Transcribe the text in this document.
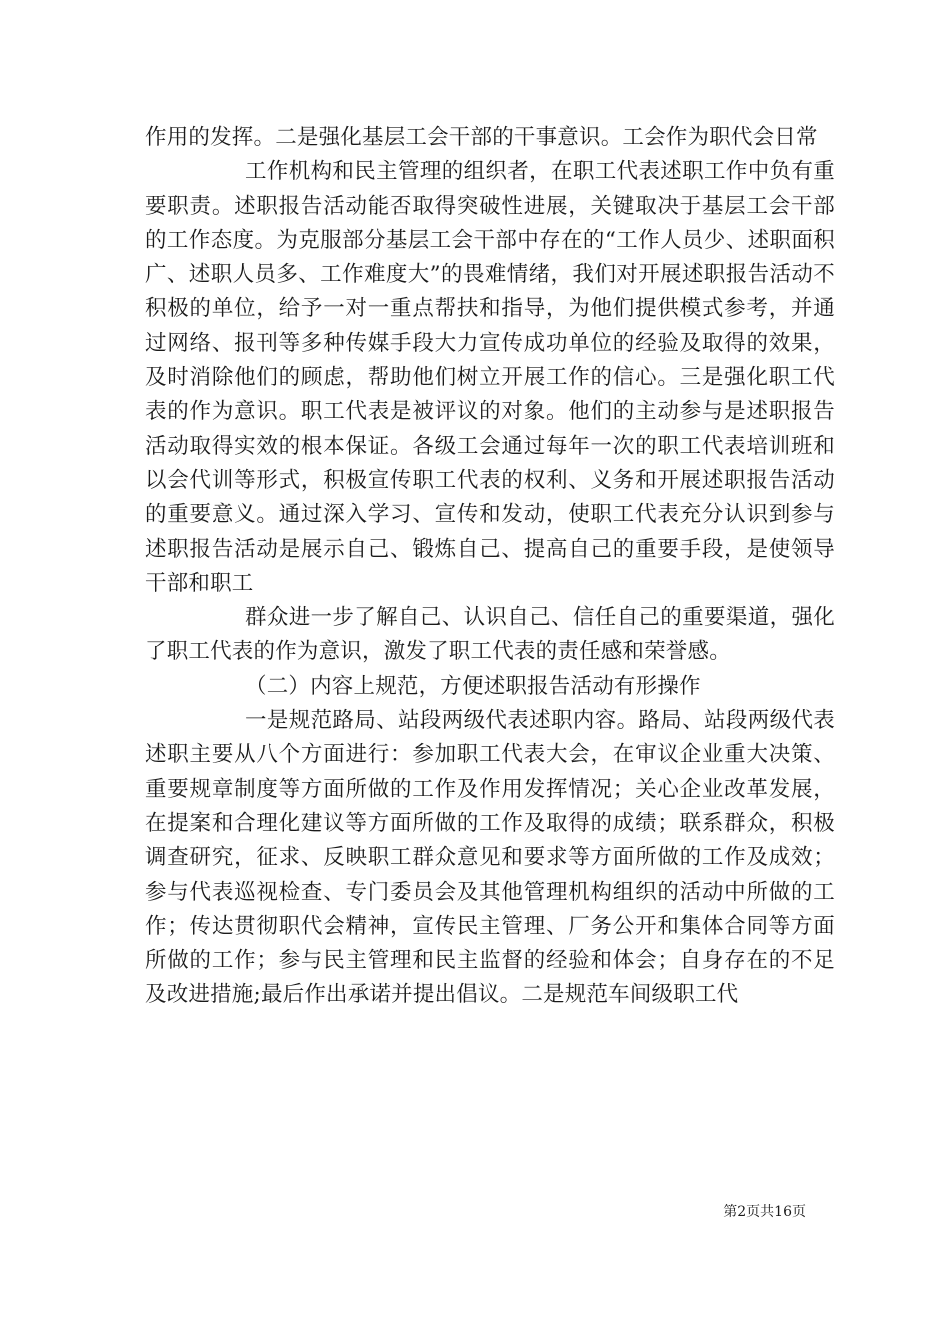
作用的发挥。二是强化基层工会干部的干事意识。工会作为职代会日常

工作机构和民主管理的组织者，在职工代表述职工作中负有重要职责。述职报告活动能否取得突破性进展，关键取决于基层工会干部的工作态度。为克服部分基层工会干部中存在的“工作人员少、述职面积广、述职人员多、工作难度大”的畏难情绪，我们对开展述职报告活动不积极的单位，给予一对一重点帮扶和指导，为他们提供模式参考，并通过网络、报刊等多种传媒手段大力宣传成功单位的经验及取得的效果，及时消除他们的顾虑，帮助他们树立开展工作的信心。三是强化职工代表的作为意识。职工代表是被评议的对象。他们的主动参与是述职报告活动取得实效的根本保证。各级工会通过每年一次的职工代表培训班和以会代训等形式，积极宣传职工代表的权利、义务和开展述职报告活动的重要意义。通过深入学习、宣传和发动，使职工代表充分认识到参与述职报告活动是展示自己、锻炼自己、提高自己的重要手段，是使领导干部和职工

群众进一步了解自己、认识自己、信任自己的重要渠道，强化了职工代表的作为意识，激发了职工代表的责任感和荣誉感。

（二）内容上规范，方便述职报告活动有形操作

一是规范路局、站段两级代表述职内容。路局、站段两级代表述职主要从八个方面进行：参加职工代表大会，在审议企业重大决策、重要规章制度等方面所做的工作及作用发挥情况；关心企业改革发展，在提案和合理化建议等方面所做的工作及取得的成绩；联系群众，积极调查研究，征求、反映职工群众意见和要求等方面所做的工作及成效；参与代表巡视检查、专门委员会及其他管理机构组织的活动中所做的工作；传达贯彻职代会精神，宣传民主管理、厂务公开和集体合同等方面所做的工作；参与民主管理和民主监督的经验和体会；自身存在的不足及改进措施;最后作出承诺并提出倡议。二是规范车间级职工代

第2页共16页
